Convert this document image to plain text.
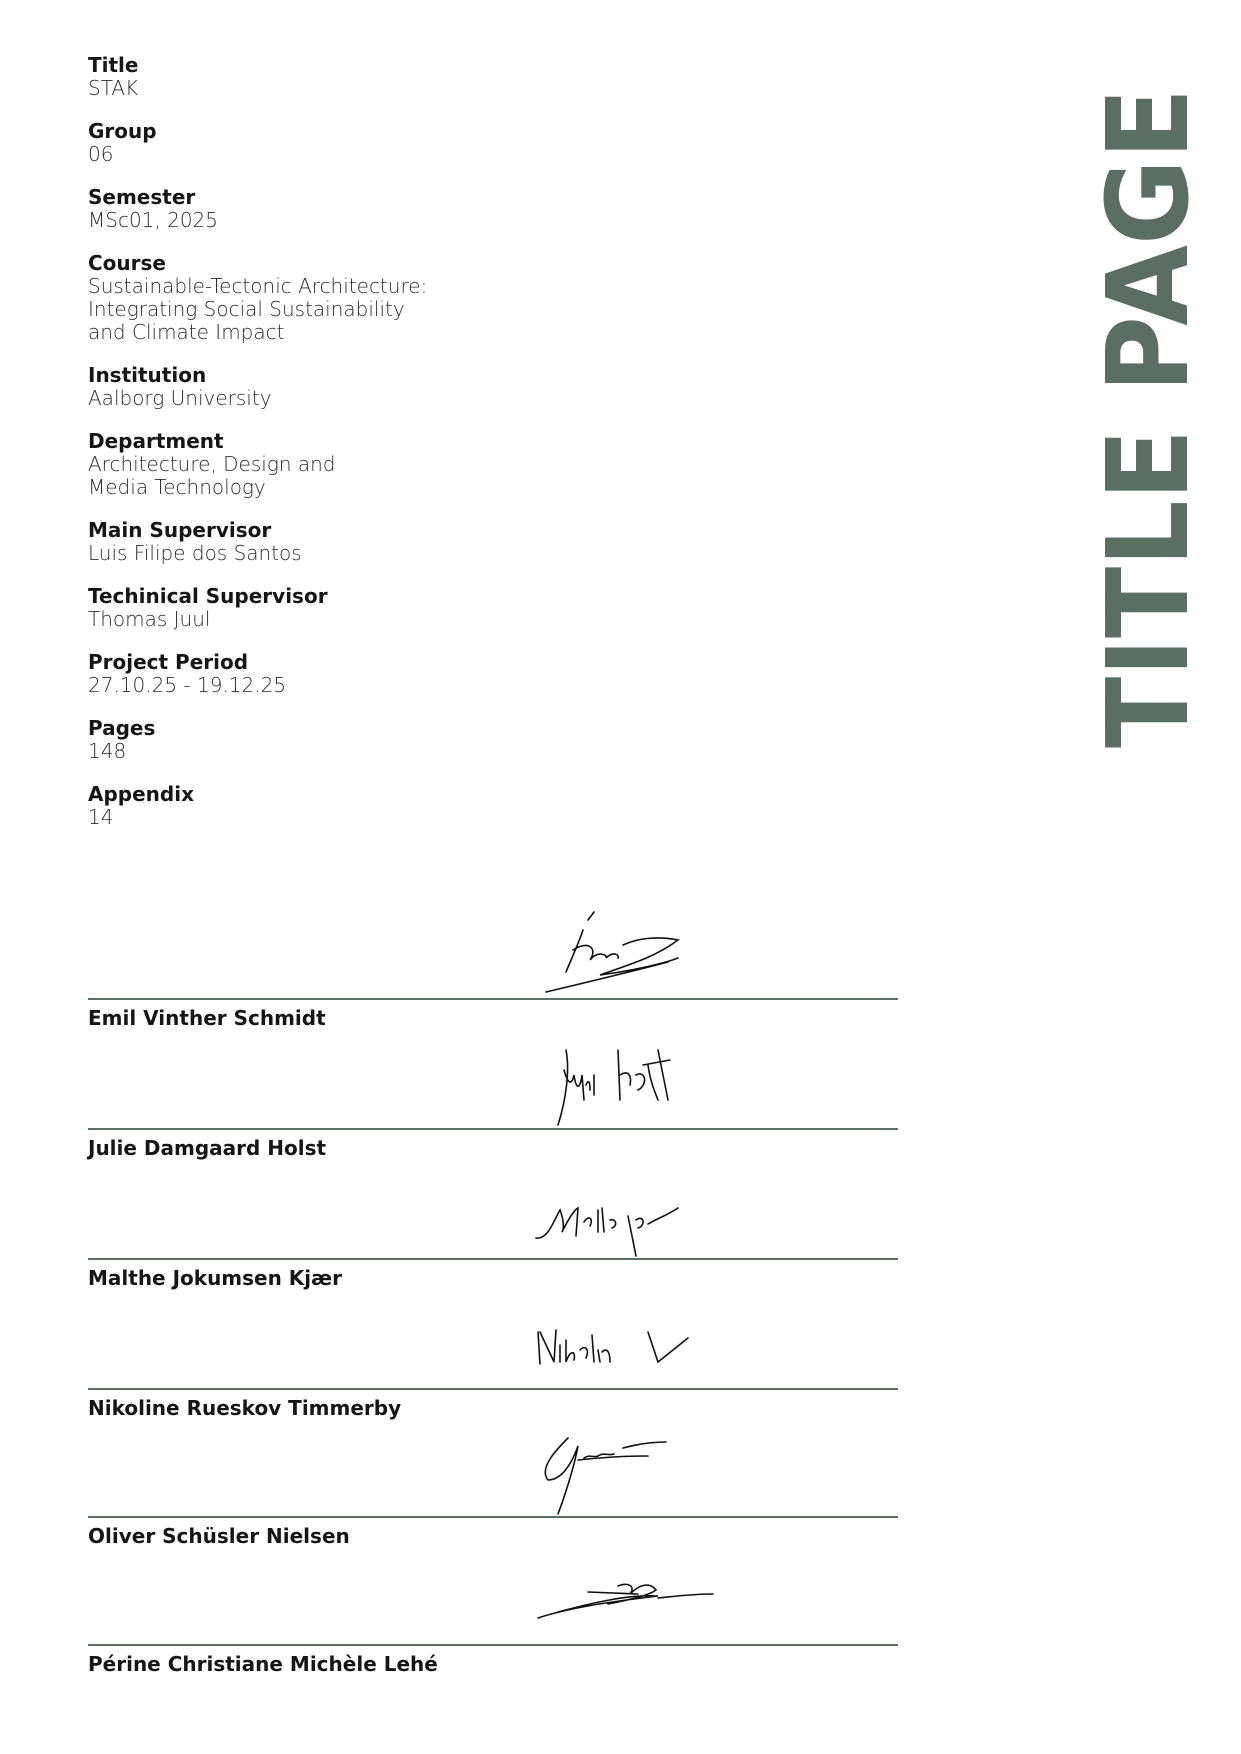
Title
STAK
Group
06
Semester
MSc01, 2025
Course
Sustainable-Tectonic Architecture:
Integrating Social Sustainability
and Climate Impact
Institution
Aalborg University
Department
Architecture, Design and
Media Technology
Main Supervisor
Luis Filipe dos Santos
Techinical Supervisor
Thomas Juul
Project Period
27.10.25 - 19.12.25
Pages
148
Appendix
14
TITLE PAGE
Emil Vinther Schmidt
Julie Damgaard Holst
Malthe Jokumsen Kjær
Nikoline Rueskov Timmerby
Oliver Schüsler Nielsen
Périne Christiane Michèle Lehé
